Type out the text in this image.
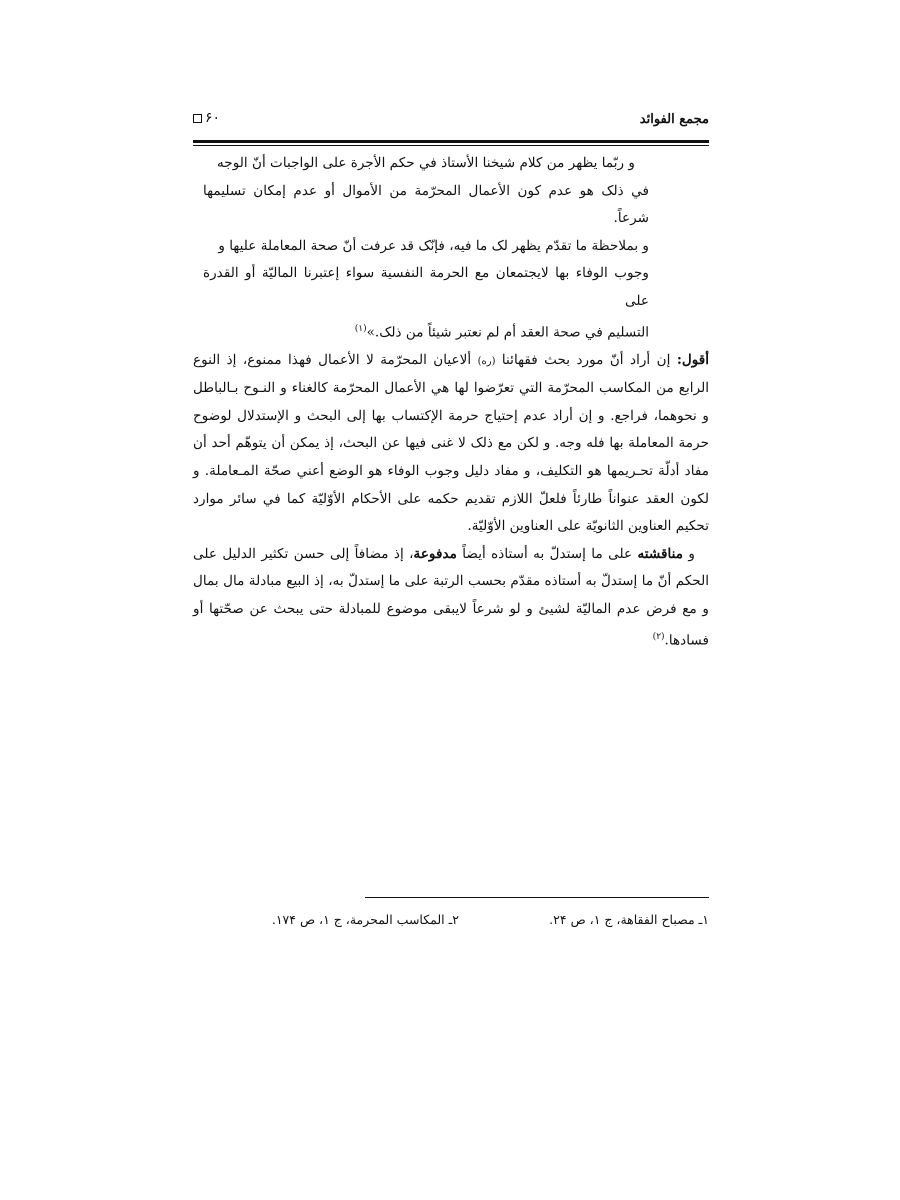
مجمع الفوائد
۶۰
و ربّما يظهر من كلام شيخنا الأستاذ في حكم الأجرة على الواجبات أنّ الوجه
في ذلک هو عدم كون الأعمال المحرّمة من الأموال أو عدم إمكان تسليمها شرعاً.
و بملاحظة ما تقدّم يظهر لک ما فيه، فإنّک قد عرفت أنّ صحة المعاملة عليها و
وجوب الوفاء بها لايجتمعان مع الحرمة النفسية سواء إعتبرنا الماليّة أو القدرة على
التسليم في صحة العقد أم لم نعتبر شيئاً من ذلک.»$^{(۱)}$

أقول: إن أراد أنّ مورد بحث فقهائنا (ره) ألاعيان المحرّمة لا الأعمال فهذا ممنوع، إذ النوع الرابع من المكاسب المحرّمة التي تعرّضوا لها هي الأعمال المحرّمة كالغناء و النـوح بـالباطل و نحوهما، فراجع. و إن أراد عدم إحتياج حرمة الإكتساب بها إلى البحث و الإستدلال لوضوح حرمة المعاملة بها فله وجه. و لكن مع ذلک لا غنى فيها عن البحث، إذ يمكن أن يتوهّم أحد أن مفاد أدلّة تحـريمها هو التكليف، و مفاد دليل وجوب الوفاء هو الوضع أعني صحّة المـعاملة. و لكون العقد عنواناً طارئاً فلعلّ اللازم تقديم حكمه على الأحكام الأوّليّة كما في سائر موارد تحكيم العناوين الثانويّة على العناوين الأوّليّة.

و مناقشته على ما إستدلّ به أستاذه أيضاً مدفوعة، إذ مضافاً إلى حسن تكثير الدليل على الحكم أنّ ما إستدلّ به أستاذه مقدّم بحسب الرتبة على ما إستدلّ به، إذ البيع مبادلة مال بمال و مع فرض عدم الماليّة لشيئ و لو شرعاً لايبقى موضوع للمبادلة حتى يبحث عن صحّتها أو فسادها.$^{(۲)}$

۱ـ مصباح الفقاهة، ج ۱، ص ۲۴.
۲ـ المكاسب المحرمة، ج ۱، ص ۱۷۴.
